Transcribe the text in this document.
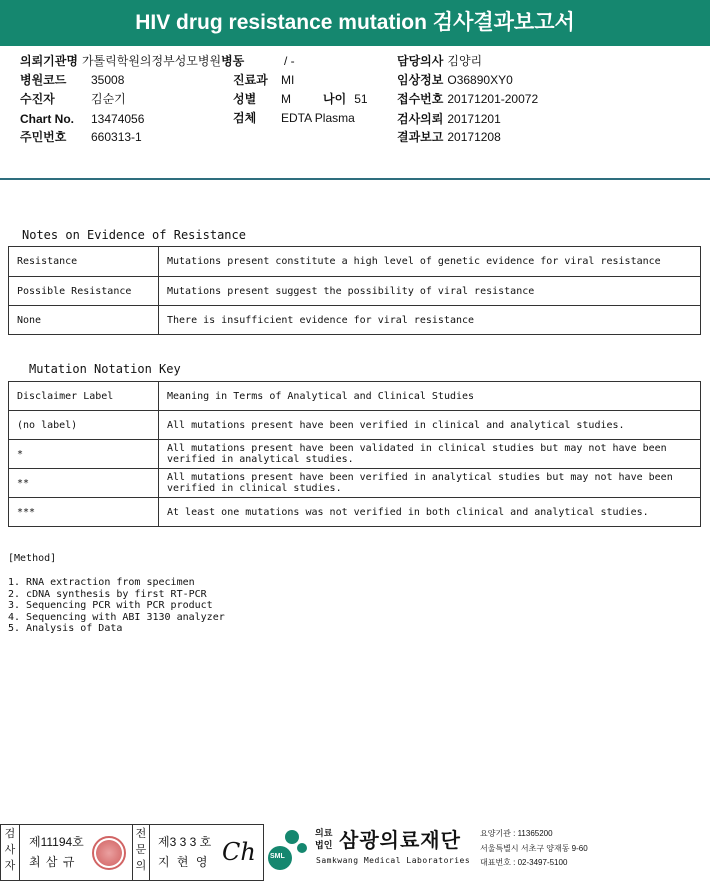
HIV drug resistance mutation 검사결과보고서
의뢰기관명 가톨릭학원의정부성모병원병동	/ -	담당의사 김양리
병원코드 35008	진료과 MI	임상정보 O36890XY0
수진자	김순기	성별 M	나이 51 접수번호 20171201-20072
Chart No. 13474056	검체 EDTA Plasma	검사의뢰 20171201
주민번호 660313-1	결과보고 20171208
Notes on Evidence of Resistance
Resistance	Mutations present constitute a high level of genetic evidence for viral resistance
Possible Resistance	Mutations present suggest the possibility of viral resistance
None	There is insufficient evidence for viral resistance
Mutation Notation Key
Disclaimer Label	Meaning in Terms of Analytical and Clinical Studies
(no label)	All mutations present have been verified in clinical and analytical studies.
*	All mutations present have been validated in clinical studies but may not have been verified in analytical studies.
**	All mutations present have been verified in analytical studies but may not have been verified in clinical studies.
***	At least one mutations was not verified in both clinical and analytical studies.
[Method]
1. RNA extraction from specimen
2. cDNA synthesis by first RT-PCR
3. Sequencing PCR with PCR product
4. Sequencing with ABI 3130 analyzer
5. Analysis of Data
검사자
제11194호
최 삼 규
전문의
제3 3 3 호
지 현 영 Ch SML
의료
법인 삼광의료재단
Samkwang Medical Laboratories
요양기관 : 11365200
서울특별시 서초구 양재동 9-60
대표번호 : 02-3497-5100
